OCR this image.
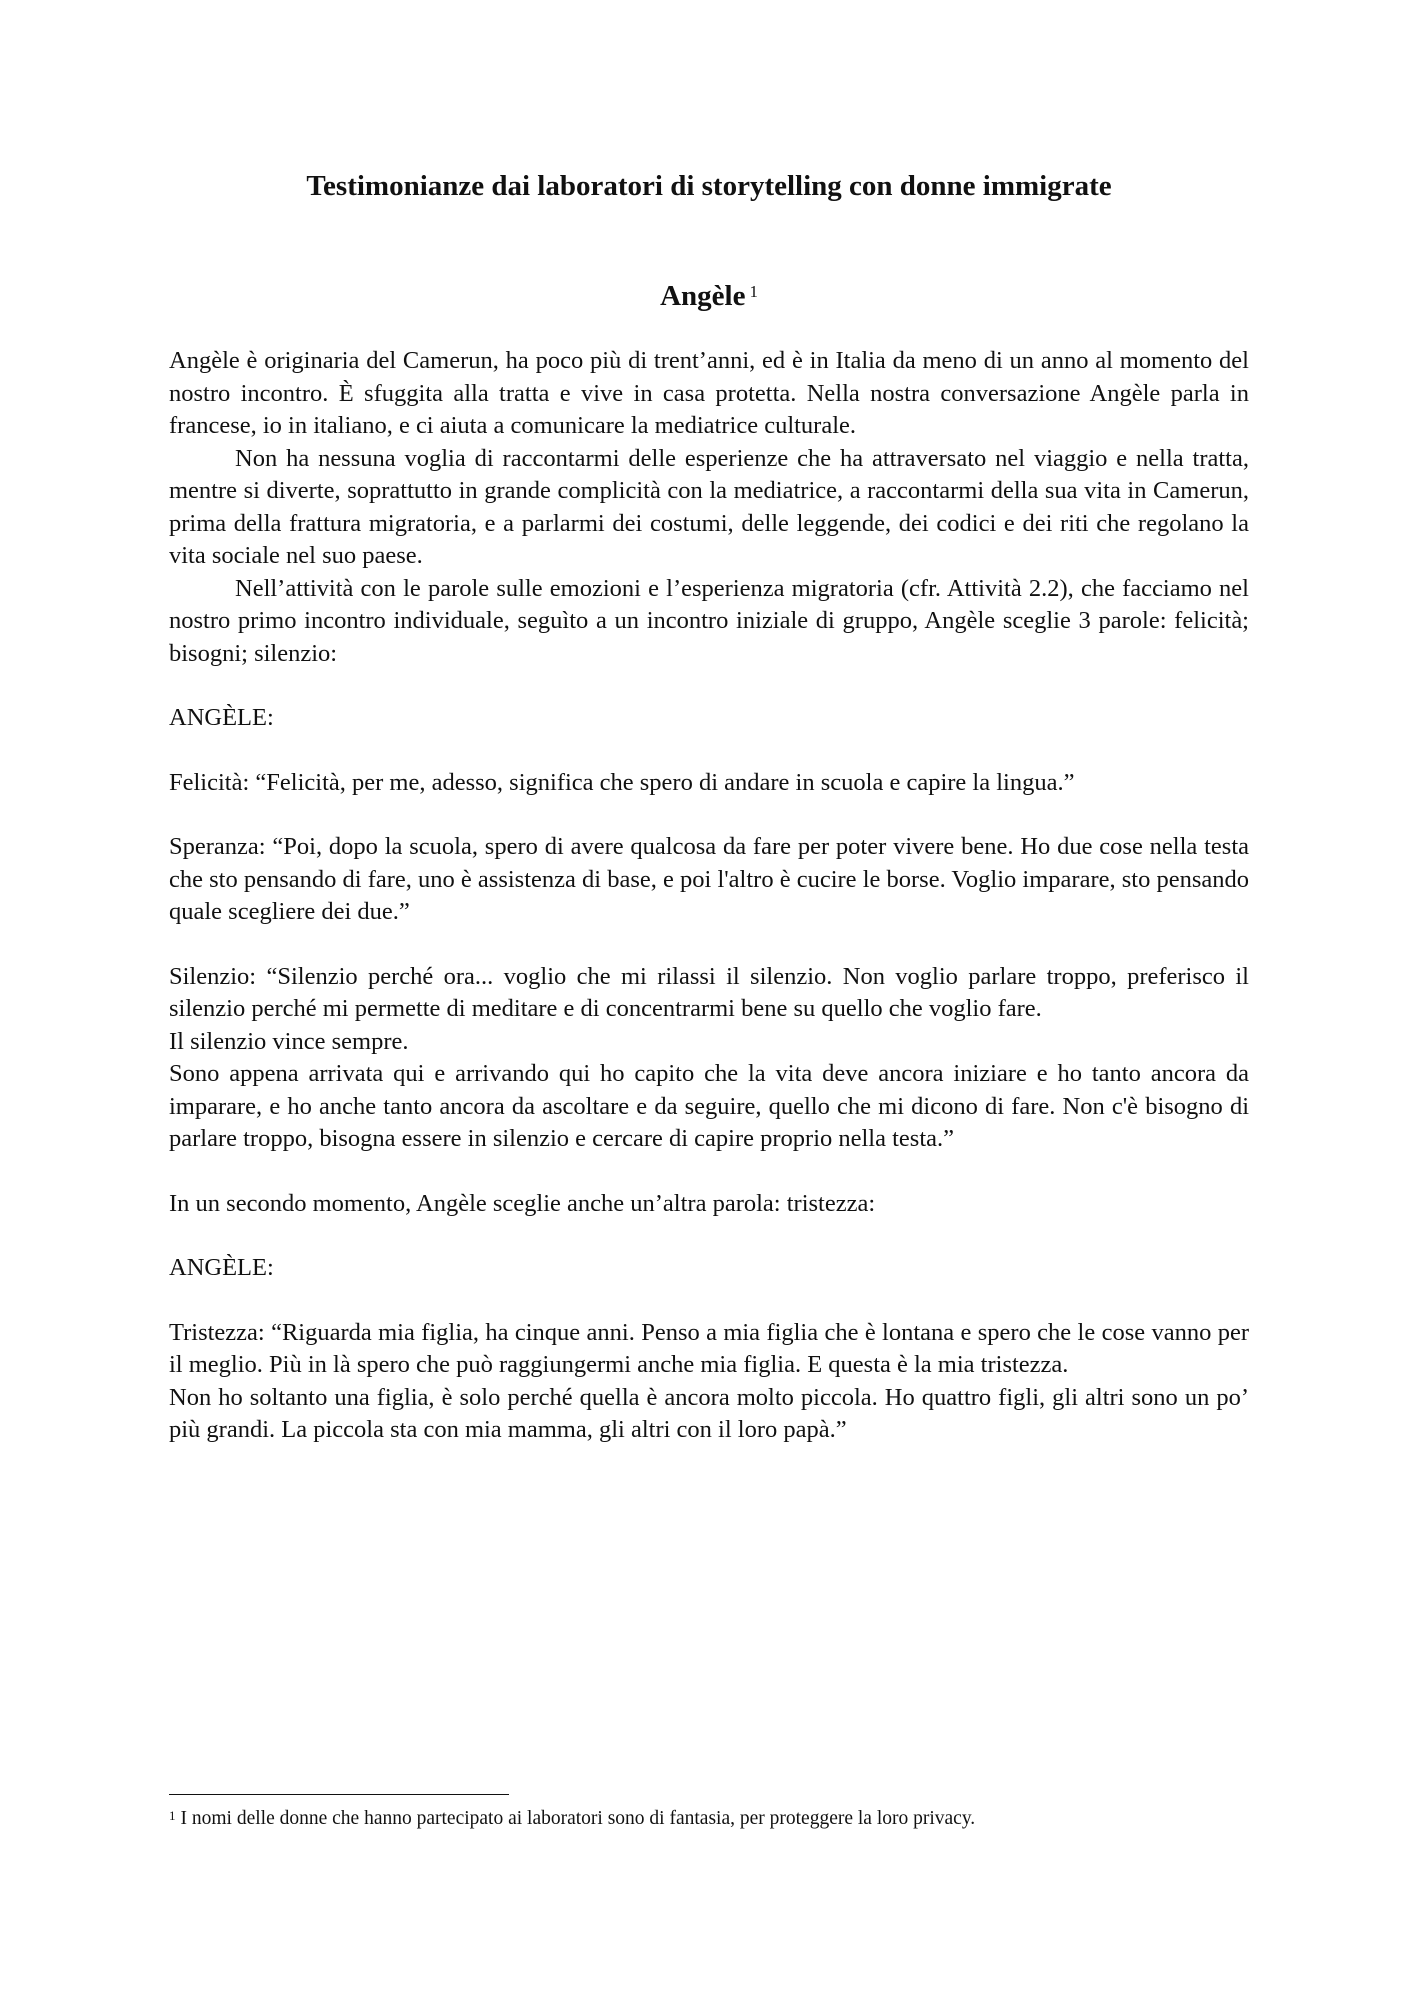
Testimonianze dai laboratori di storytelling con donne immigrate
Angèle $^1$

Angèle è originaria del Camerun, ha poco più di trent’anni, ed è in Italia da meno di un anno al momento del nostro incontro. È sfuggita alla tratta e vive in casa protetta. Nella nostra conversazione Angèle parla in francese, io in italiano, e ci aiuta a comunicare la mediatrice culturale.

Non ha nessuna voglia di raccontarmi delle esperienze che ha attraversato nel viaggio e nella tratta, mentre si diverte, soprattutto in grande complicità con la mediatrice, a raccontarmi della sua vita in Camerun, prima della frattura migratoria, e a parlarmi dei costumi, delle leggende, dei codici e dei riti che regolano la vita sociale nel suo paese.

Nell’attività con le parole sulle emozioni e l’esperienza migratoria (cfr. Attività 2.2), che facciamo nel nostro primo incontro individuale, seguìto a un incontro iniziale di gruppo, Angèle sceglie 3 parole: felicità; bisogni; silenzio:

ANGÈLE:

Felicità: “Felicità, per me, adesso, significa che spero di andare in scuola e capire la lingua.”

Speranza: “Poi, dopo la scuola, spero di avere qualcosa da fare per poter vivere bene. Ho due cose nella testa che sto pensando di fare, uno è assistenza di base, e poi l'altro è cucire le borse. Voglio imparare, sto pensando quale scegliere dei due.”

Silenzio: “Silenzio perché ora... voglio che mi rilassi il silenzio. Non voglio parlare troppo, preferisco il silenzio perché mi permette di meditare e di concentrarmi bene su quello che voglio fare.

Il silenzio vince sempre.

Sono appena arrivata qui e arrivando qui ho capito che la vita deve ancora iniziare e ho tanto ancora da imparare, e ho anche tanto ancora da ascoltare e da seguire, quello che mi dicono di fare. Non c'è bisogno di parlare troppo, bisogna essere in silenzio e cercare di capire proprio nella testa.”

In un secondo momento, Angèle sceglie anche un’altra parola: tristezza:

ANGÈLE:

Tristezza: “Riguarda mia figlia, ha cinque anni. Penso a mia figlia che è lontana e spero che le cose vanno per il meglio. Più in là spero che può raggiungermi anche mia figlia. E questa è la mia tristezza.

Non ho soltanto una figlia, è solo perché quella è ancora molto piccola. Ho quattro figli, gli altri sono un po’ più grandi. La piccola sta con mia mamma, gli altri con il loro papà.”

$^1$ I nomi delle donne che hanno partecipato ai laboratori sono di fantasia, per proteggere la loro privacy.
